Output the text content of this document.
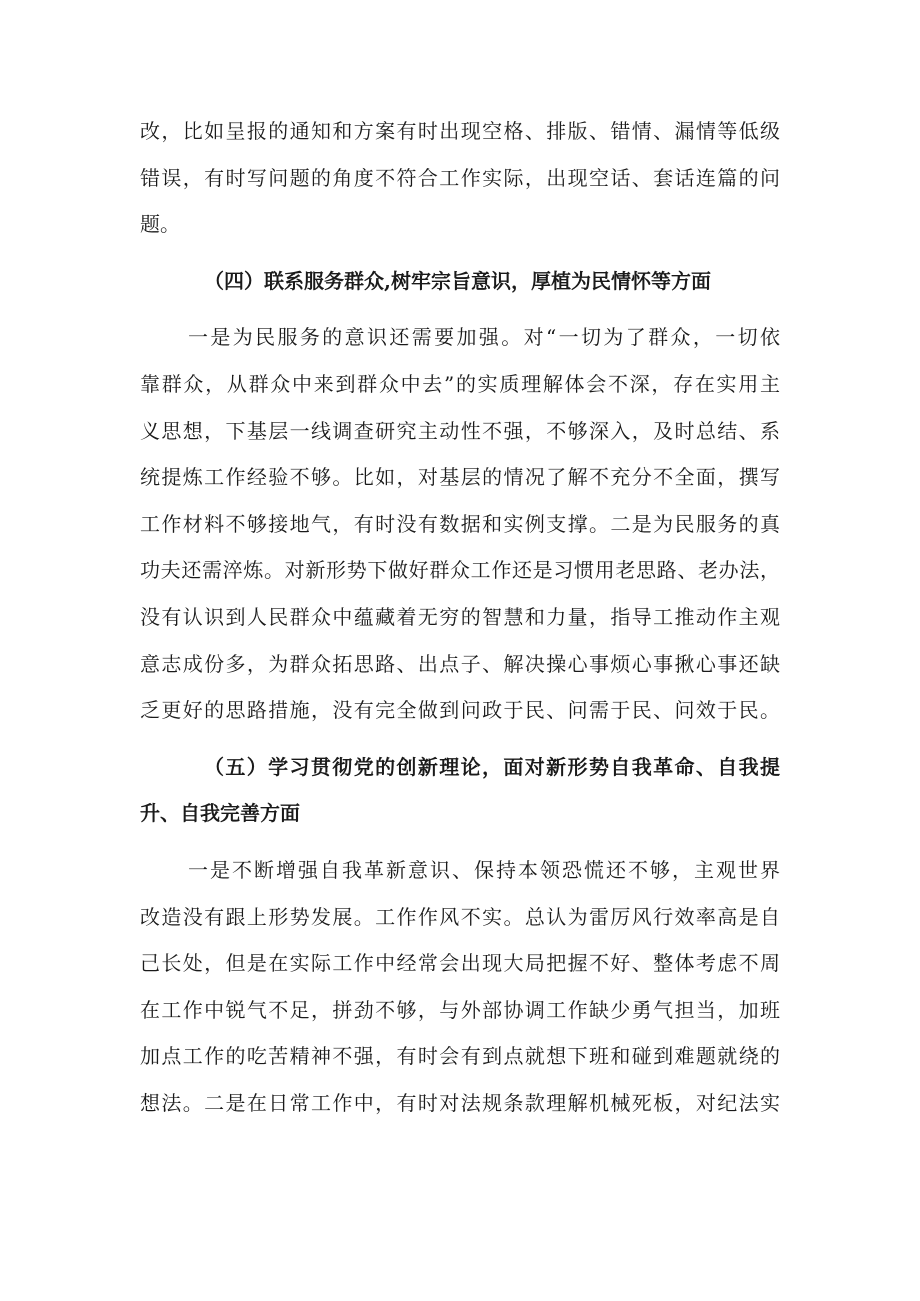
改，比如呈报的通知和方案有时出现空格、排版、错情、漏情等低级
错误，有时写问题的角度不符合工作实际，出现空话、套话连篇的问
题。
（四）联系服务群众,树牢宗旨意识，厚植为民情怀等方面
一是为民服务的意识还需要加强。对“一切为了群众，一切依
靠群众，从群众中来到群众中去”的实质理解体会不深，存在实用主
义思想，下基层一线调查研究主动性不强，不够深入，及时总结、系
统提炼工作经验不够。比如，对基层的情况了解不充分不全面，撰写
工作材料不够接地气，有时没有数据和实例支撑。二是为民服务的真
功夫还需淬炼。对新形势下做好群众工作还是习惯用老思路、老办法，
没有认识到人民群众中蕴藏着无穷的智慧和力量，指导工推动作主观
意志成份多，为群众拓思路、出点子、解决操心事烦心事揪心事还缺
乏更好的思路措施，没有完全做到问政于民、问需于民、问效于民。
（五）学习贯彻党的创新理论，面对新形势自我革命、自我提
升、自我完善方面
一是不断增强自我革新意识、保持本领恐慌还不够，主观世界
改造没有跟上形势发展。工作作风不实。总认为雷厉风行效率高是自
己长处，但是在实际工作中经常会出现大局把握不好、整体考虑不周
在工作中锐气不足，拼劲不够，与外部协调工作缺少勇气担当，加班
加点工作的吃苦精神不强，有时会有到点就想下班和碰到难题就绕的
想法。二是在日常工作中，有时对法规条款理解机械死板，对纪法实
